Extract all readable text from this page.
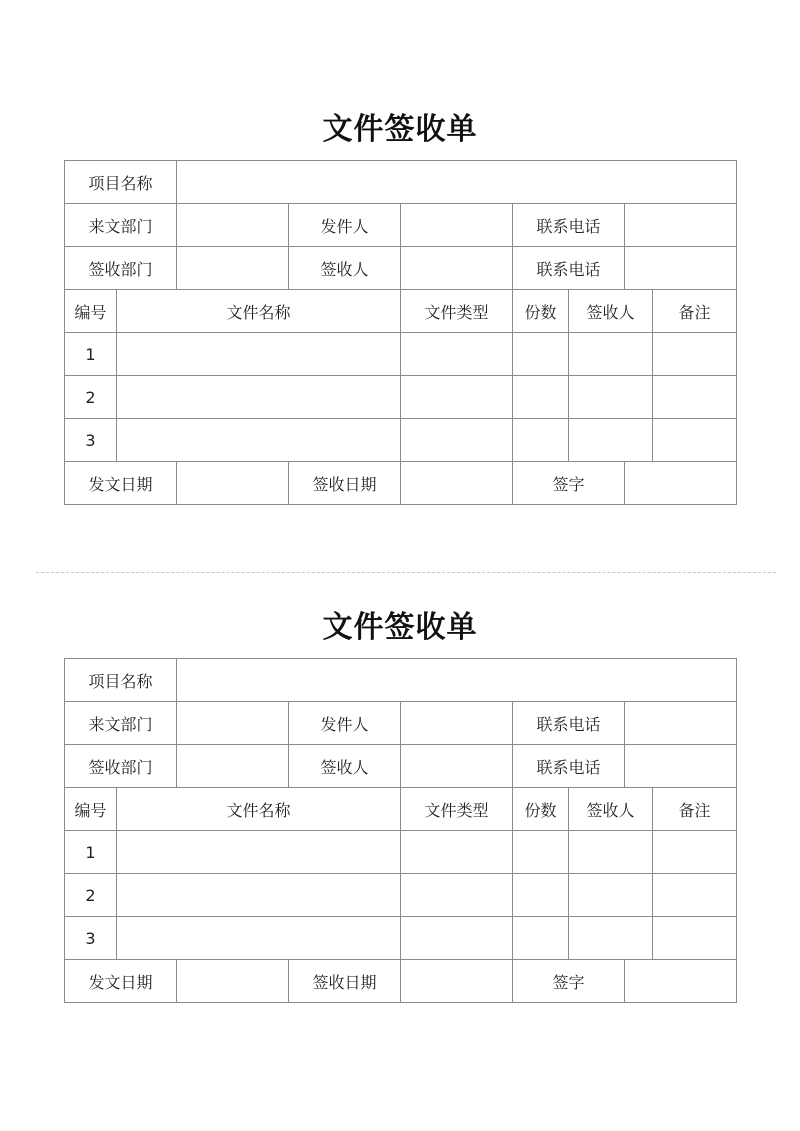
文件签收单
项目名称								
来文部门			发件人		联系电话			
签收部门			签收人		联系电话			
编号	文件名称			文件类型	份数	签收人		备注
1								
2								
3								
发文日期			签收日期		签字			
文件签收单
项目名称								
来文部门			发件人		联系电话			
签收部门			签收人		联系电话			
编号	文件名称			文件类型	份数	签收人		备注
1								
2								
3								
发文日期			签收日期		签字			
